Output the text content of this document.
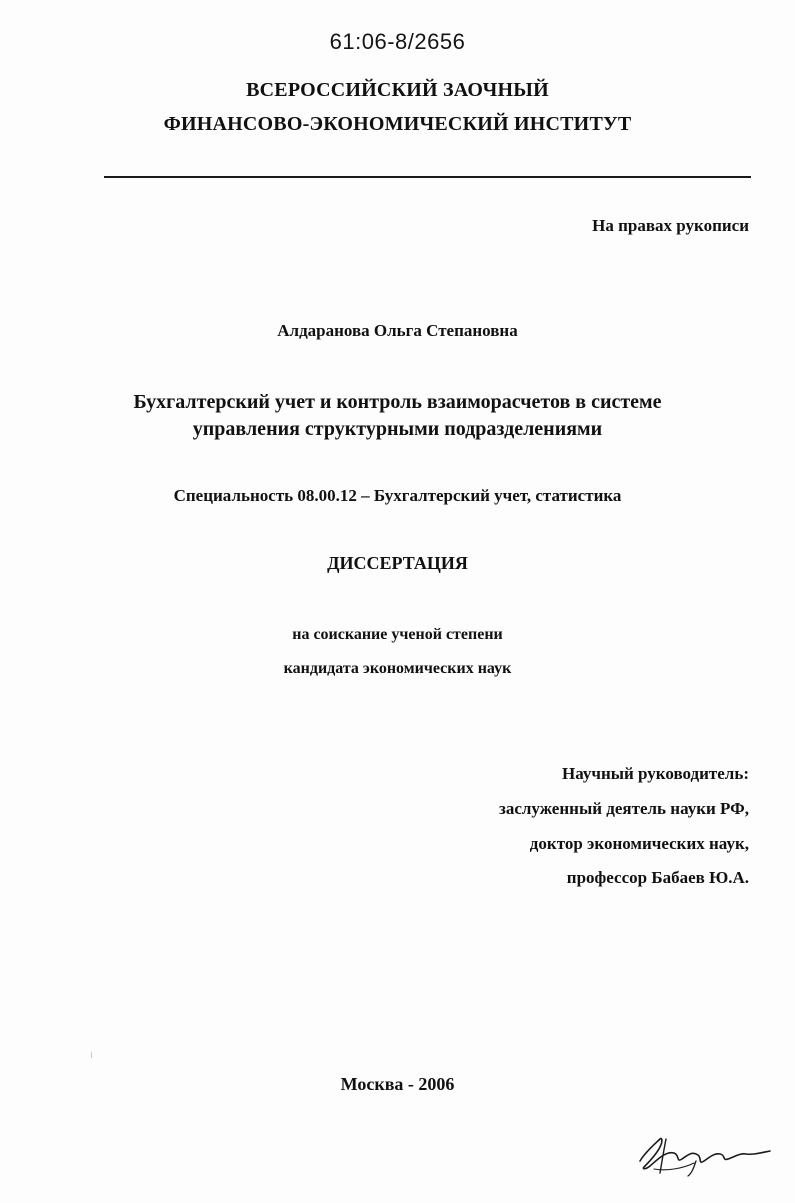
61:06-8/2656
ВСЕРОССИЙСКИЙ ЗАОЧНЫЙ
ФИНАНСОВО-ЭКОНОМИЧЕСКИЙ ИНСТИТУТ
На правах рукописи
Алдаранова Ольга Степановна
Бухгалтерский учет и контроль взаиморасчетов в системе
управления структурными подразделениями
Специальность 08.00.12 – Бухгалтерский учет, статистика
ДИССЕРТАЦИЯ
на соискание ученой степени
кандидата экономических наук
Научный руководитель:
заслуженный деятель науки РФ,
доктор экономических наук,
профессор Бабаев Ю.А.
Москва - 2006
